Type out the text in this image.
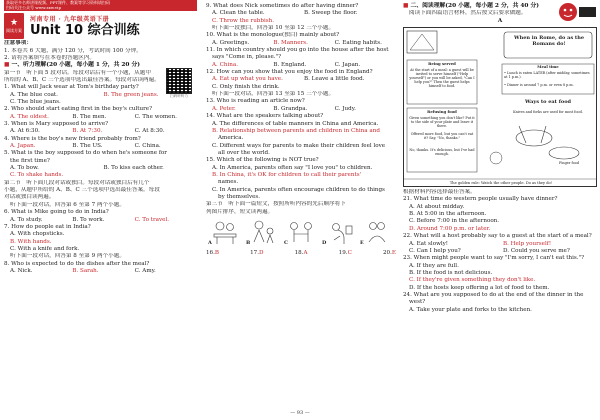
获取更多名师讲课视频、PPT课件、教案等学习资料请扫码
扫码关注公众号 www.zxw.vip
★
阅读方案
河南专用 · 九年级英语下册
Unit 10 综合训练
扫码听听力
注意事项：
1. 本卷共 6 大题，满分 120 分，考试时间 100 分钟。
2. 请将答案填写在本卷的答题区内。
■ 一、听力理解(20 小题，每小题 1 分，共 20 分)
第一节　听下面 5 段对话。每段对话后有一个小题，从题中
所给的 A、B、C 三个选项中选出最佳答案。每段对话读两遍。
1. What will Jack wear at Tom's birthday party?
A. The blue coat.	B. The green jeans.
C. The blue jeans.
2. Who should start eating first in the boy's culture?
A. The oldest.	B. The men.	C. The women.
3. When is Mary supposed to arrive?
A. At 6:30.	B. At 7:30.	C. At 8:30.
4. Where is the boy's new friend probably from?
A. Japan.	B. The US.	C. China.
5. What is the boy supposed to do when he's someone for
the first time?
A. To bow.	B. To kiss each other.
C. To shake hands.
第二节　听下面几段对话或独白。每段对话或独白后有几个
小题，从题中所给的 A、B、C 三个选项中选出最佳答案。每段
对话或独白读两遍。
听下面一段对话，回答第 6 至第 7 两个小题。
6. What is Mike going to do in India?
A. To study.	B. To work.	C. To travel.
7. How do people eat in India?
A. With chopsticks.
B. With hands.
C. With a knife and fork.
听下面一段对话，回答第 8 至第 9 两个小题。
8. Who is expected to do the dishes after the meal?
A. Nick.	B. Sarah.	C. Amy.
9. What does Nick sometimes do after having dinner?
A. Clean the table.	B. Sweep the floor.
C. Throw the rubbish.
听下面一段独白，回答第 10 至第 12 三个小题。
10. What is the monologue(独白) mainly about?
A. Greetings.	B. Manners.	C. Eating habits.
11. In which country should you go into the house after the host
says "Come in, please."?
A. China.	B. England.	C. Japan.
12. How can you show that you enjoy the food in England?
A. Eat up what you have.	B. Leave a little food.
C. Only finish the drink.
听下面一段对话，回答第 13 至第 15 三个小题。
13. Who is reading an article now?
A. Peter.	B. Grandpa.	C. Judy.
14. What are the speakers talking about?
A. The differences of table manners in China and America.
B. Relationship between parents and children in China and
America.
C. Different ways for parents to make their children feel love
all over the world.
15. Which of the following is NOT true?
A. In America, parents often say "I love you" to children.
B. In China, it's OK for children to call their parents'
names.
C. In America, parents often encourage children to do things
by themselves.
第三节　听下面一篇短文，按照所听内容的先后顺序将下
列图片排序，短文读两遍。
A	B	C	D	E
16.B	17.D	18.A	19.C	20.E
■ 二、阅读理解(20 小题，每小题 2 分，共 40 分)
阅读下面四篇语言材料，然后按文后要求做题。
A
When in Rome, do as the Romans do!
Being served
At the start of a meal: a guest will be invited to serve himself ("Help yourself") or you will be asked, "Can I help you?" Then the guest helps himself to food.
Refusing food
Given something you don't like? Put it to the side of your plate and leave it there.
Offered more food, but you can't eat it? Say, "No, thanks."
No, thanks. It's delicious, but I've had enough.
Meal time
• Lunch is eaten LATER (after midday, sometimes at 1 p.m.).
• Dinner is around 7 p.m. or even 8 p.m.
Ways to eat food
Knives and forks are used for most food.
Finger food
The golden rule: Watch the other people. Do as they do!
根据材料内容选择最佳答案。
21. What time do western people usually have dinner?
A. At about midday.
B. At 5:00 in the afternoon.
C. Before 7:00 in the afternoon.
D. Around 7:00 p.m. or later.
22. What will a host probably say to a guest at the start of a meal?
A. Eat slowly!	B. Help yourself!
C. Can I help you?	D. Could you serve me?
23. When might people want to say "I'm sorry, I can't eat this."?
A. If they are full.
B. If the food is not delicious.
C. If they're given something they don't like.
D. If the hosts keep offering a lot of food to them.
24. What are you supposed to do at the end of the dinner in the
west?
A. Take your plate and forks to the kitchen.
— 93 —
